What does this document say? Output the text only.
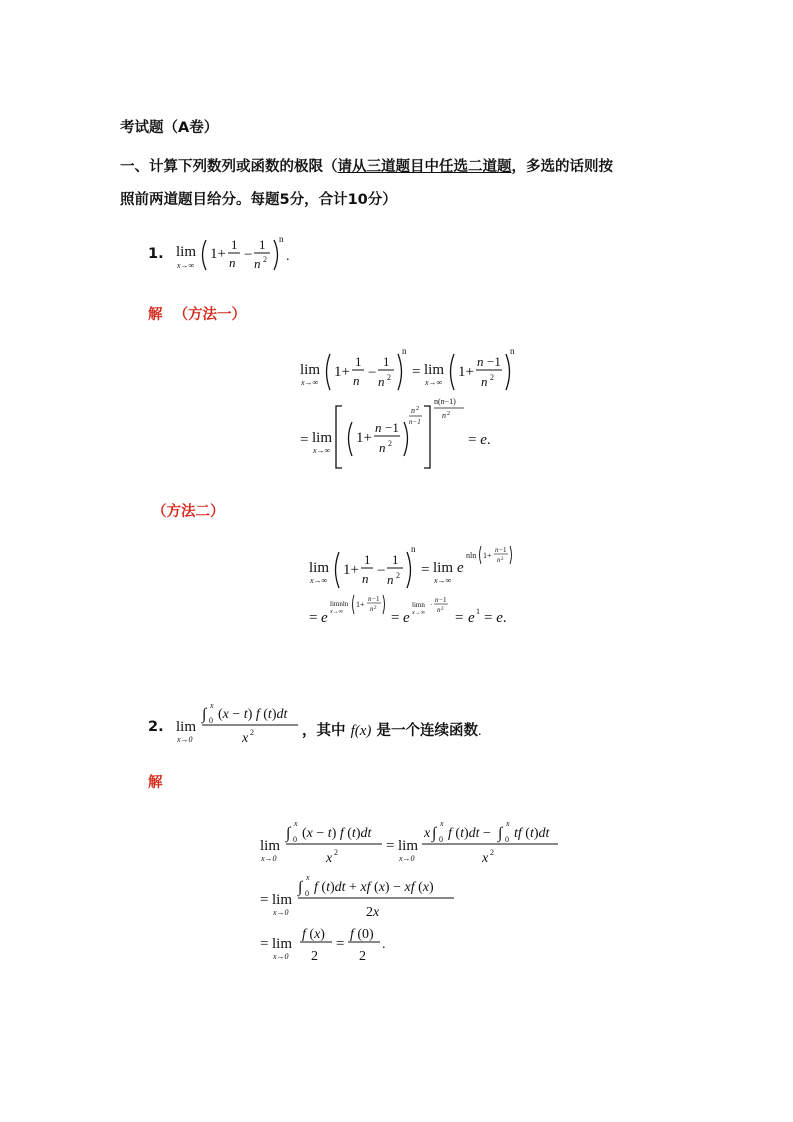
考试题（A卷）
一、计算下列数列或函数的极限（请从三道题目中任选二道题，多选的话则按
照前两道题目给分。每题5分，合计10分）
1. lim
x→∞
1+
1
n −
1
n 2
n
.
解 （方法一）
lim
x→∞
1+
1
n −
1
n 2
n
= lim
x→∞
1+
n −1
n 2
n
= lim
x→∞
1+
n −1
n 2
n 2
n−1
n(n−1)
n 2
= e.
（方法二）
lim
x→∞
1+
1
n −
1
n 2
n
= lim
x→∞
e
nln 1+
n −1
n 2
= e
limnln
x→∞
1+
n −1
n 2
= e
limn
x→∞
·
n −1
n 2
= e 1 = e.
2. lim
x→0
∫
x
0 (x − t) f (t)dt
x 2	，其中 f(x) 是一个连续函数.
解
lim
x→0
∫
x
0 (x − t) f (t)dt
x 2	= lim
x→0
x ∫
x
0 f (t)dt − ∫
x
0 tf (t)dt
x 2
= lim
x→0
∫
x
0 f (t)dt + xf (x) − xf (x)
2x
= lim
x→0
f (x)
2
=
f (0)
2
.
